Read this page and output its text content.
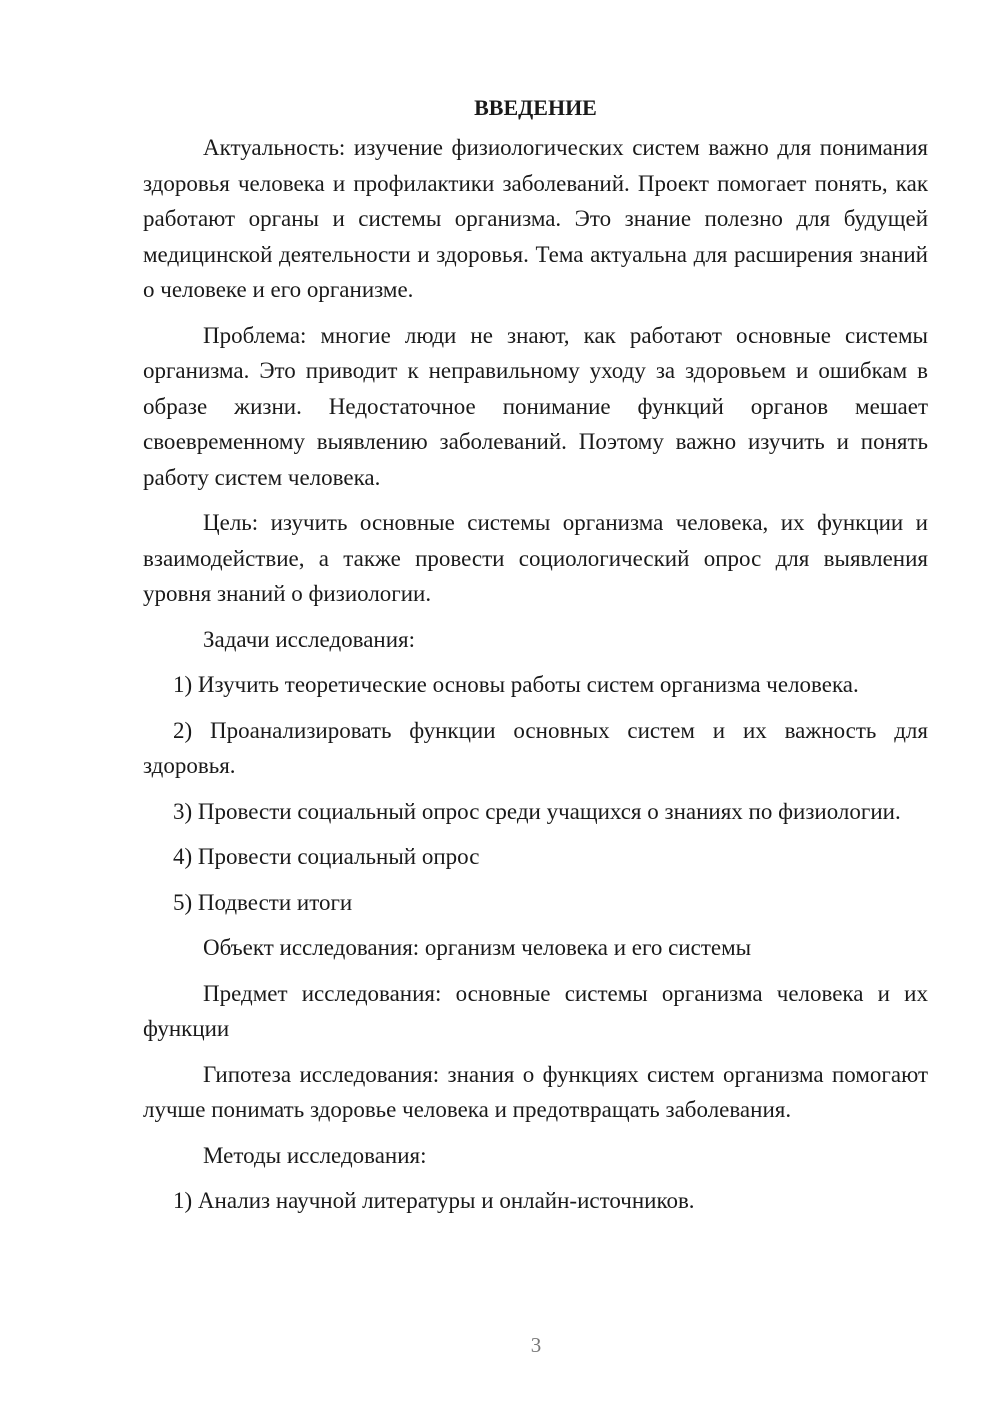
ВВЕДЕНИЕ

Актуальность: изучение физиологических систем важно для понимания здоровья человека и профилактики заболеваний. Проект помогает понять, как работают органы и системы организма. Это знание полезно для будущей медицинской деятельности и здоровья. Тема актуальна для расширения знаний о человеке и его организме.

Проблема: многие люди не знают, как работают основные системы организма. Это приводит к неправильному уходу за здоровьем и ошибкам в образе жизни. Недостаточное понимание функций органов мешает своевременному выявлению заболеваний. Поэтому важно изучить и понять работу систем человека.

Цель: изучить основные системы организма человека, их функции и взаимодействие, а также провести социологический опрос для выявления уровня знаний о физиологии.

Задачи исследования:

1) Изучить теоретические основы работы систем организма человека.

2) Проанализировать функции основных систем и их важность для здоровья.

3) Провести социальный опрос среди учащихся о знаниях по физиологии.

4) Провести социальный опрос

5) Подвести итоги

Объект исследования: организм человека и его системы

Предмет исследования: основные системы организма человека и их функции

Гипотеза исследования: знания о функциях систем организма помогают лучше понимать здоровье человека и предотвращать заболевания.

Методы исследования:

1) Анализ научной литературы и онлайн-источников.

3
